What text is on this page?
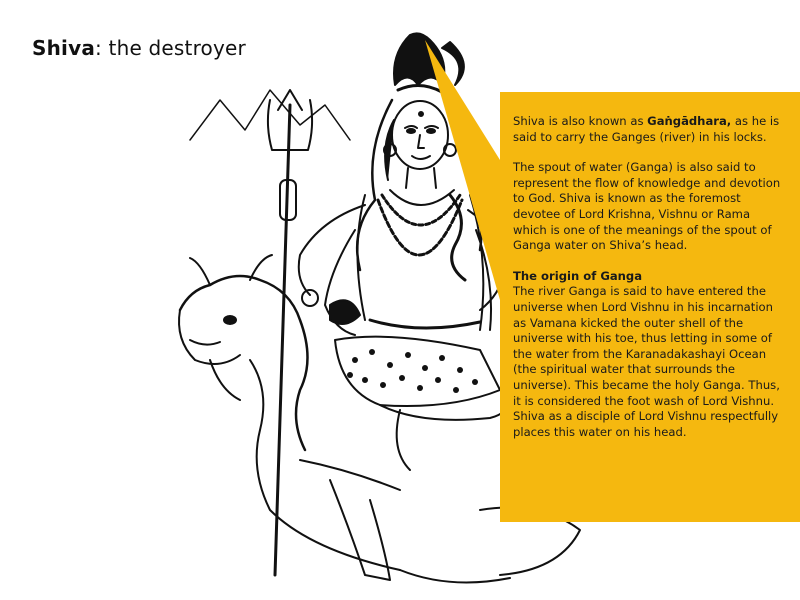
Shiva: the destroyer

Shiva is also known as Gaṅgādhara, as he is said to carry the Ganges (river) in his locks.

The spout of water (Ganga) is also said to represent the flow of knowledge and devotion to God. Shiva is known as the foremost devotee of Lord Krishna, Vishnu or Rama which is one of the meanings of the spout of Ganga water on Shiva’s head.

The origin of Ganga

The river Ganga is said to have entered the universe when Lord Vishnu in his incarnation as Vamana kicked the outer shell of the universe with his toe, thus letting in some of the water from the Karanadakashayi Ocean (the spiritual water that surrounds the universe). This became the holy Ganga. Thus, it is considered the foot wash of Lord Vishnu. Shiva as a disciple of Lord Vishnu respectfully places this water on his head.
